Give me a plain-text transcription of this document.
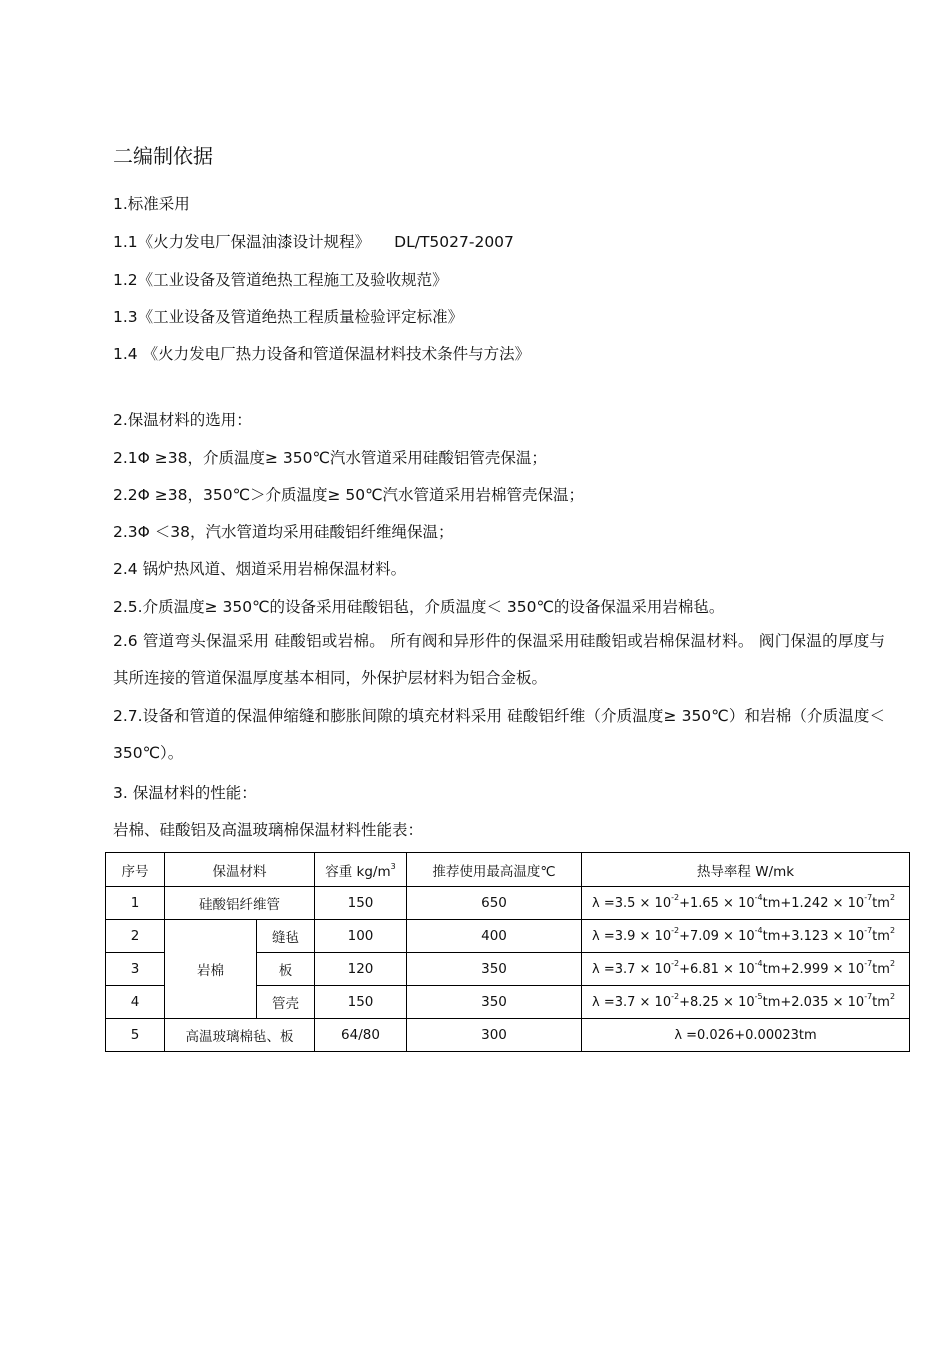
二编制依据
1.标准采用
1.1《火力发电厂保温油漆设计规程》 DL/T5027-2007
1.2《工业设备及管道绝热工程施工及验收规范》
1.3《工业设备及管道绝热工程质量检验评定标准》
1.4 《火力发电厂热力设备和管道保温材料技术条件与方法》
2.保温材料的选用：
2.1Φ ≥38，介质温度≥ 350℃汽水管道采用硅酸铝管壳保温；
2.2Φ ≥38，350℃＞介质温度≥ 50℃汽水管道采用岩棉管壳保温；
2.3Φ ＜38，汽水管道均采用硅酸铝纤维绳保温；
2.4 锅炉热风道、烟道采用岩棉保温材料。
2.5.介质温度≥ 350℃的设备采用硅酸铝毡，介质温度＜ 350℃的设备保温采用岩棉毡。
2.6 管道弯头保温采用 硅酸铝或岩棉。 所有阀和异形件的保温采用硅酸铝或岩棉保温材料。 阀门保温的厚度与其所连接的管道保温厚度基本相同，外保护层材料为铝合金板。
2.7.设备和管道的保温伸缩缝和膨胀间隙的填充材料采用 硅酸铝纤维（介质温度≥ 350℃）和岩棉（介质温度＜ 350℃）。
3. 保温材料的性能：
岩棉、硅酸铝及高温玻璃棉保温材料性能表：
序号	保温材料		容重 $kg/m^3$	推荐使用最高温度℃	热导率程 W/mk
1	硅酸铝纤维管		150	650	$\lambda =3.5 \times 10^{-2}+1.65 \times 10^{-4}tm+1.242 \times 10^{-7}tm^2$
2	岩棉	缝毡	100	400	$\lambda =3.9 \times 10^{-2}+7.09 \times 10^{-4}tm+3.123 \times 10^{-7}tm^2$
3		板	120	350	$\lambda =3.7 \times 10^{-2}+6.81 \times 10^{-4}tm+2.999 \times 10^{-7}tm^2$
4		管壳	150	350	$\lambda =3.7 \times 10^{-2}+8.25 \times 10^{-5}tm+2.035 \times 10^{-7}tm^2$
5	高温玻璃棉毡、板		64/80	300	λ =0.026+0.00023tm
